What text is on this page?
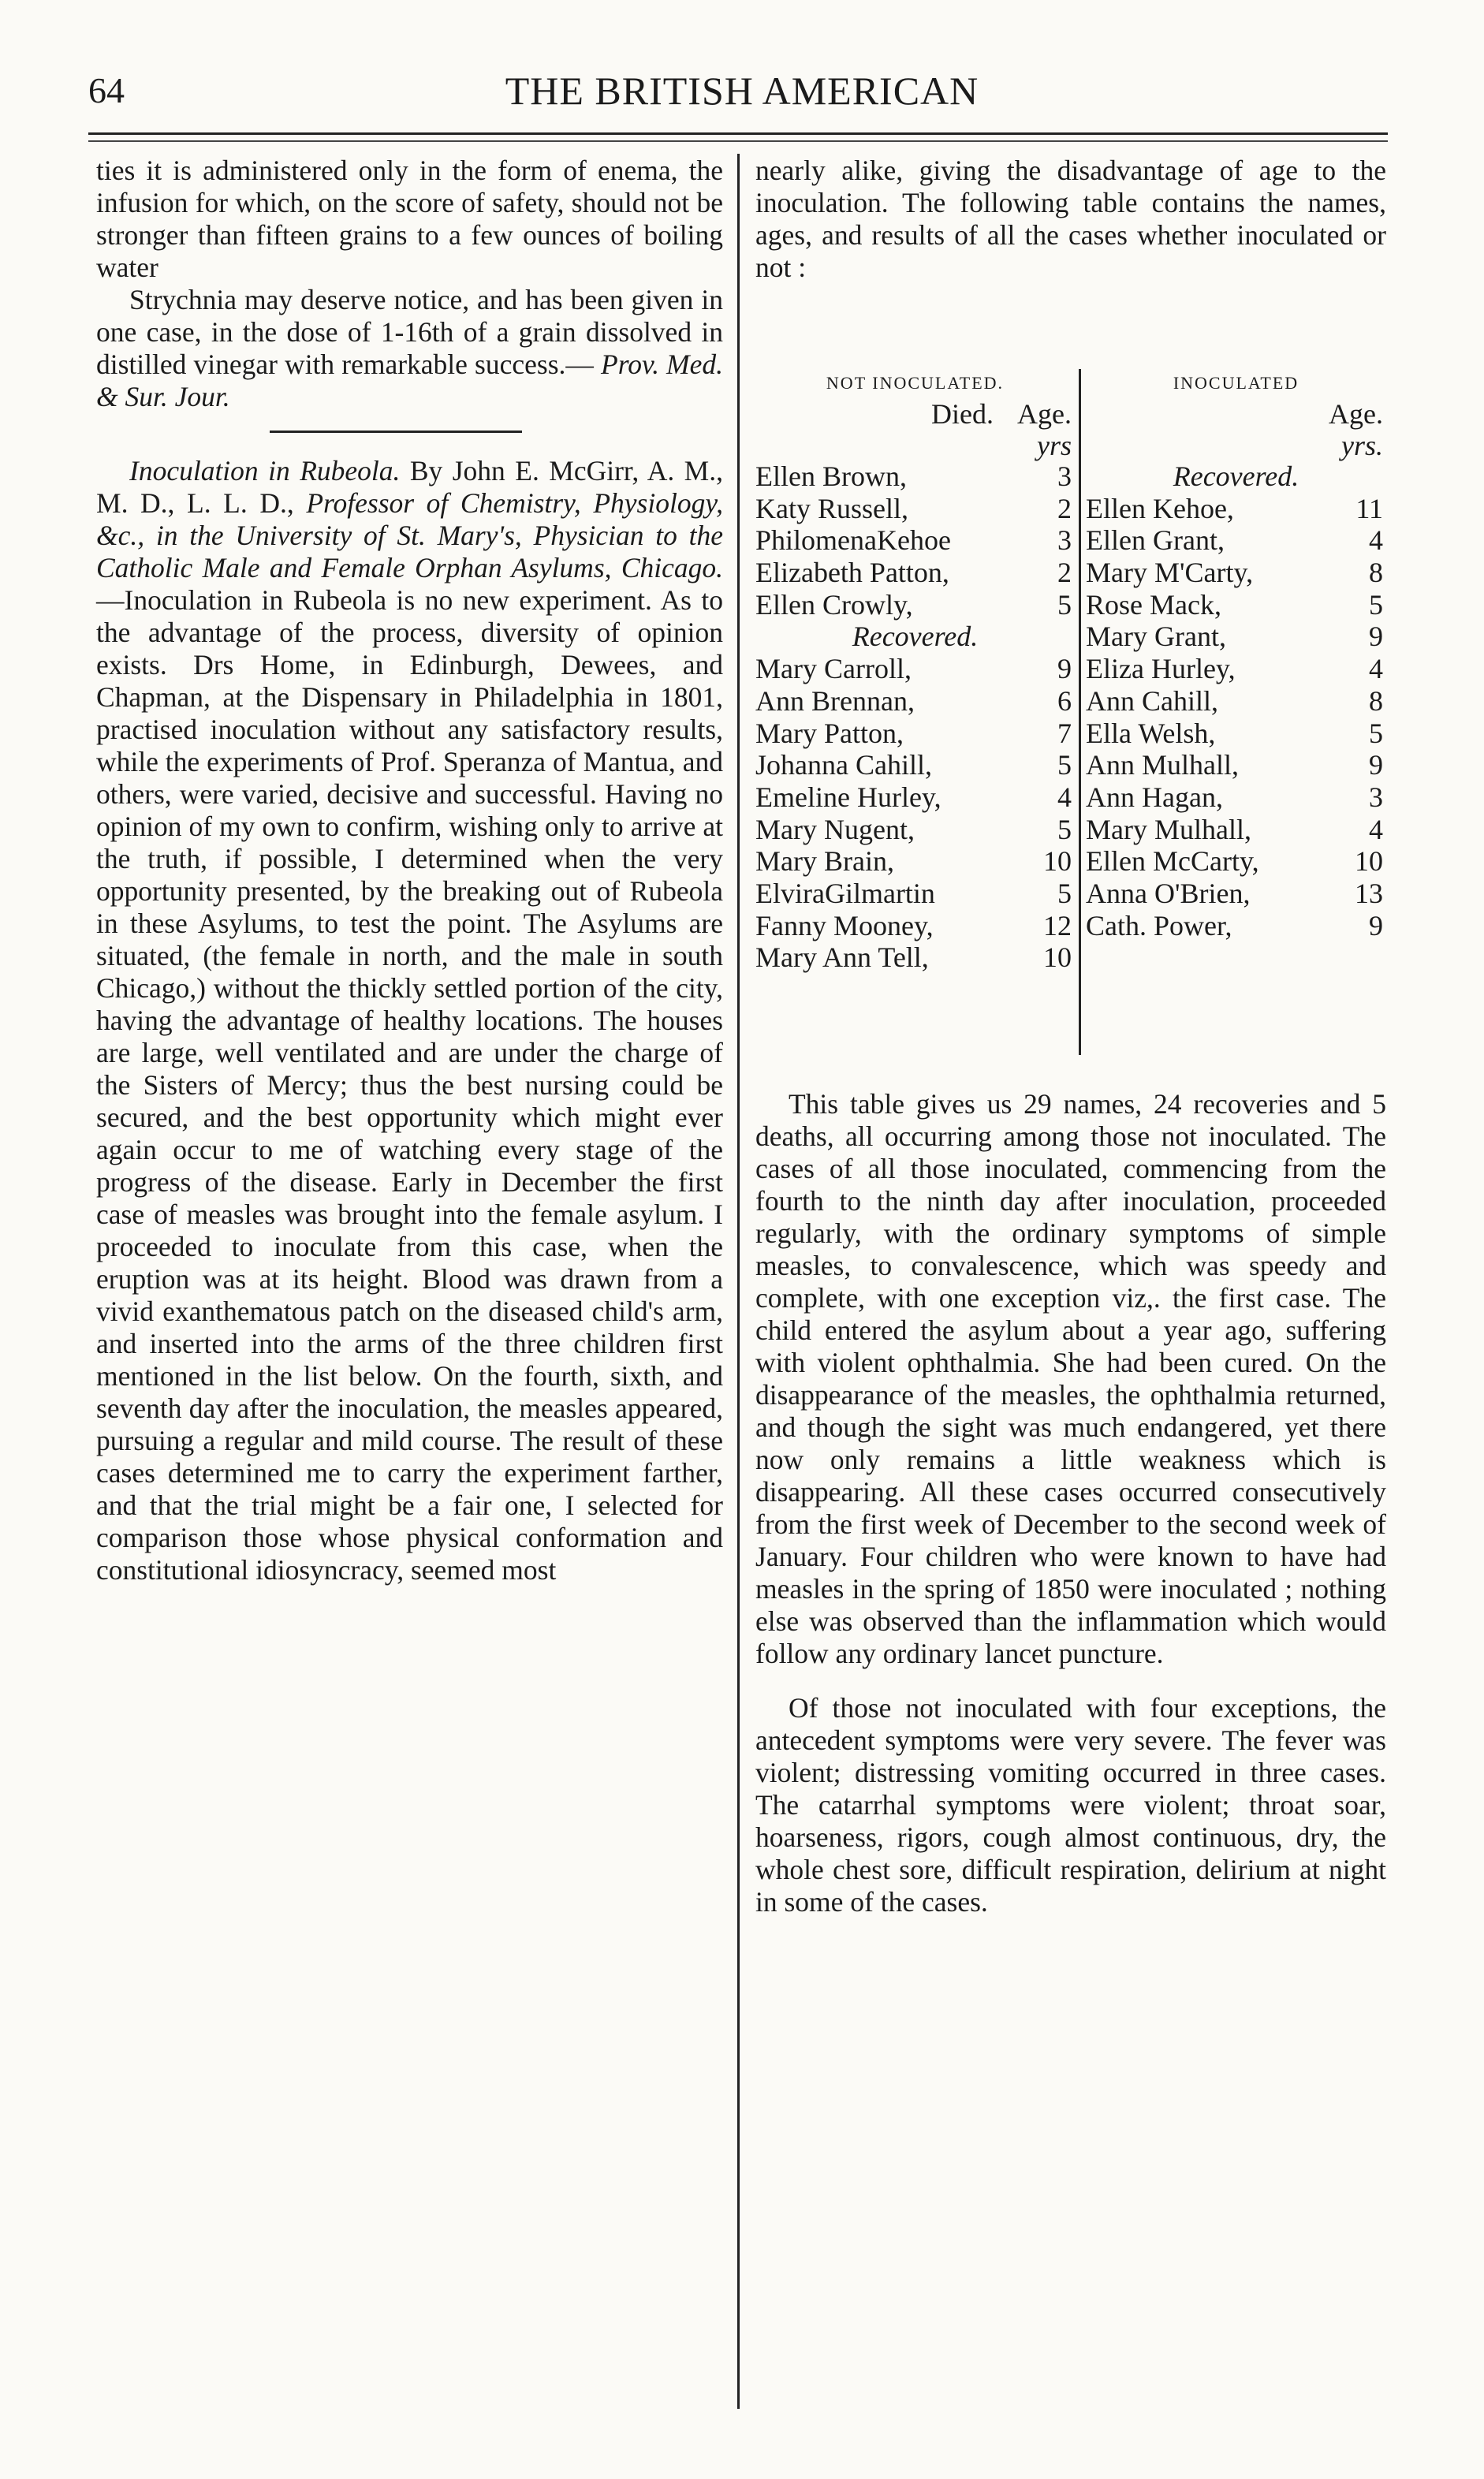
64	THE BRITISH AMERICAN

ties it is administered only in the form of enema, the infusion for which, on the score of safety, should not be stronger than fifteen grains to a few ounces of boiling water

Strychnia may deserve notice, and has been given in one case, in the dose of 1-16th of a grain dissolved in distilled vinegar with remarkable success.— Prov. Med. & Sur. Jour.

Inoculation in Rubeola. By John E. McGirr, A. M., M. D., L. L. D., Professor of Chemistry, Physiology, &c., in the University of St. Mary's, Physician to the Catholic Male and Female Orphan Asylums, Chicago.—Inoculation in Rubeola is no new experiment. As to the advantage of the process, diversity of opinion exists. Drs Home, in Edinburgh, Dewees, and Chapman, at the Dispensary in Philadelphia in 1801, practised inoculation without any satisfactory results, while the experiments of Prof. Speranza of Mantua, and others, were varied, decisive and successful. Having no opinion of my own to confirm, wishing only to arrive at the truth, if possible, I determined when the very opportunity presented, by the breaking out of Rubeola in these Asylums, to test the point. The Asylums are situated, (the female in north, and the male in south Chicago,) without the thickly settled portion of the city, having the advantage of healthy locations. The houses are large, well ventilated and are under the charge of the Sisters of Mercy; thus the best nursing could be secured, and the best opportunity which might ever again occur to me of watching every stage of the progress of the disease. Early in December the first case of measles was brought into the female asylum. I proceeded to inoculate from this case, when the eruption was at its height. Blood was drawn from a vivid exanthematous patch on the diseased child's arm, and inserted into the arms of the three children first mentioned in the list below. On the fourth, sixth, and seventh day after the inoculation, the measles appeared, pursuing a regular and mild course. The result of these cases determined me to carry the experiment farther, and that the trial might be a fair one, I selected for comparison those whose physical conformation and constitutional idiosyncracy, seemed most

nearly alike, giving the disadvantage of age to the inoculation. The following table contains the names, ages, and results of all the cases whether inoculated or not :

NOT INOCULATED.
Died. Age.
yrs
Ellen Brown,	3
Katy Russell,	2
PhilomenaKehoe	3
Elizabeth Patton,	2
Ellen Crowly,	5
Recovered.
Mary Carroll,	9
Ann Brennan,	6
Mary Patton,	7
Johanna Cahill,	5
Emeline Hurley,	4
Mary Nugent,	5
Mary Brain,	10
ElviraGilmartin	5
Fanny Mooney,	12
Mary Ann Tell,	10
INOCULATED
Age.
yrs.
Recovered.
Ellen Kehoe,	11
Ellen Grant,	4
Mary M'Carty,	8
Rose Mack,	5
Mary Grant,	9
Eliza Hurley,	4
Ann Cahill,	8
Ella Welsh,	5
Ann Mulhall,	9
Ann Hagan,	3
Mary Mulhall,	4
Ellen McCarty,	10
Anna O'Brien,	13
Cath. Power,	9

This table gives us 29 names, 24 recoveries and 5 deaths, all occurring among those not inoculated. The cases of all those inoculated, commencing from the fourth to the ninth day after inoculation, proceeded regularly, with the ordinary symptoms of simple measles, to convalescence, which was speedy and complete, with one exception viz,. the first case. The child entered the asylum about a year ago, suffering with violent ophthalmia. She had been cured. On the disappearance of the measles, the ophthalmia returned, and though the sight was much endangered, yet there now only remains a little weakness which is disappearing. All these cases occurred consecutively from the first week of December to the second week of January. Four children who were known to have had measles in the spring of 1850 were inoculated ; nothing else was observed than the inflammation which would follow any ordinary lancet puncture.

Of those not inoculated with four exceptions, the antecedent symptoms were very severe. The fever was violent; distressing vomiting occurred in three cases. The catarrhal symptoms were violent; throat soar, hoarseness, rigors, cough almost continuous, dry, the whole chest sore, difficult respiration, delirium at night in some of the cases.
